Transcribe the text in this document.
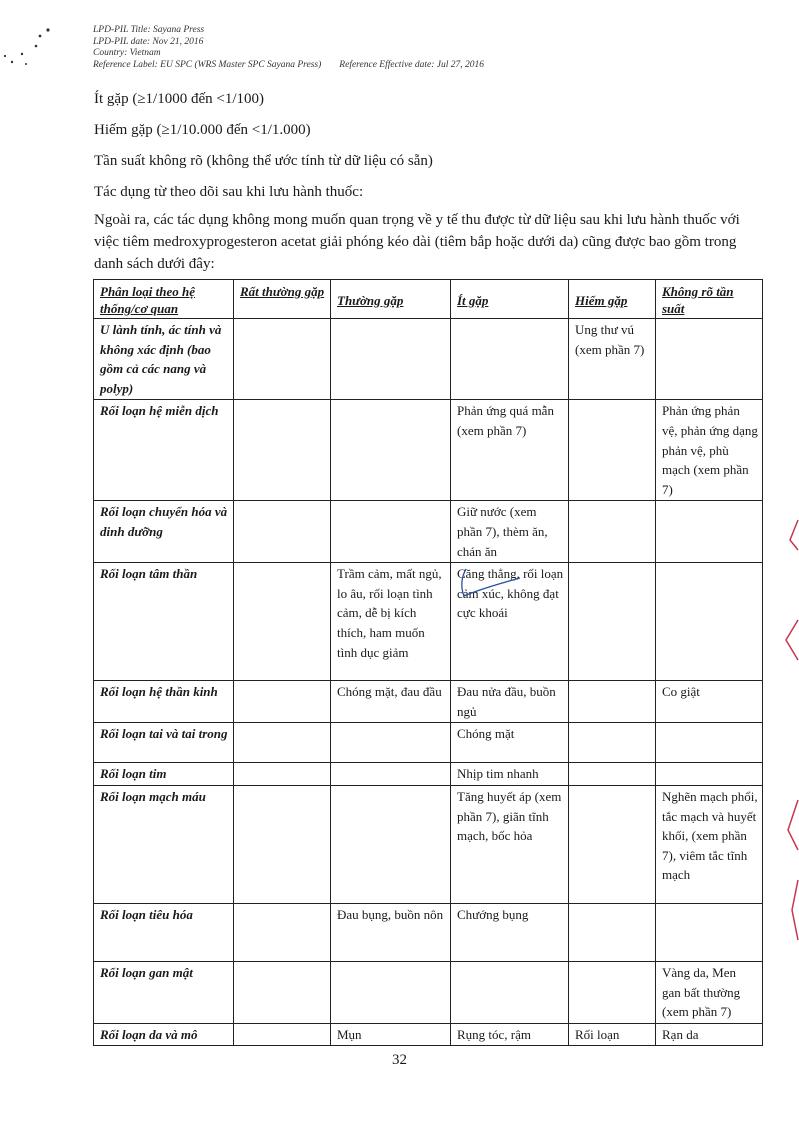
LPD-PIL Title: Sayana Press
LPD-PIL date: Nov 21, 2016
Country: Vietnam
Reference Label: EU SPC (WRS Master SPC Sayana Press) Reference Effective date: Jul 27, 2016
Ít gặp (≥1/1000 đến <1/100)
Hiếm gặp (≥1/10.000 đến <1/1.000)
Tần suất không rõ (không thể ước tính từ dữ liệu có sẵn)
Tác dụng từ theo dõi sau khi lưu hành thuốc:
Ngoài ra, các tác dụng không mong muốn quan trọng về y tế thu được từ dữ liệu sau khi lưu hành thuốc với việc tiêm medroxyprogesteron acetat giải phóng kéo dài (tiêm bắp hoặc dưới da) cũng được bao gồm trong danh sách dưới đây:
Phân loại theo hệ thống/cơ quan	Rất thường gặp	Thường gặp	Ít gặp	Hiếm gặp	Không rõ tần suất
U lành tính, ác tính và không xác định (bao gồm cả các nang và polyp)				Ung thư vú (xem phần 7)	
Rối loạn hệ miễn dịch			Phản ứng quá mẫn (xem phần 7)		Phản ứng phản vệ, phản ứng dạng phản vệ, phù mạch (xem phần 7)
Rối loạn chuyển hóa và dinh dưỡng			Giữ nước (xem phần 7), thèm ăn, chán ăn		
Rối loạn tâm thần		Trầm cảm, mất ngủ, lo âu, rối loạn tình cảm, dễ bị kích thích, ham muốn tình dục giảm	Căng thẳng, rối loạn cảm xúc, không đạt cực khoái		
Rối loạn hệ thần kinh		Chóng mặt, đau đầu	Đau nửa đầu, buồn ngủ		Co giật
Rối loạn tai và tai trong			Chóng mặt		
Rối loạn tim			Nhịp tim nhanh		
Rối loạn mạch máu			Tăng huyết áp (xem phần 7), giãn tĩnh mạch, bốc hỏa		Nghẽn mạch phổi, tắc mạch và huyết khối, (xem phần 7), viêm tắc tĩnh mạch
Rối loạn tiêu hóa		Đau bụng, buồn nôn	Chướng bụng		
Rối loạn gan mật					Vàng da, Men gan bất thường (xem phần 7)
Rối loạn da và mô		Mụn	Rụng tóc, rậm	Rối loạn	Rạn da
32
